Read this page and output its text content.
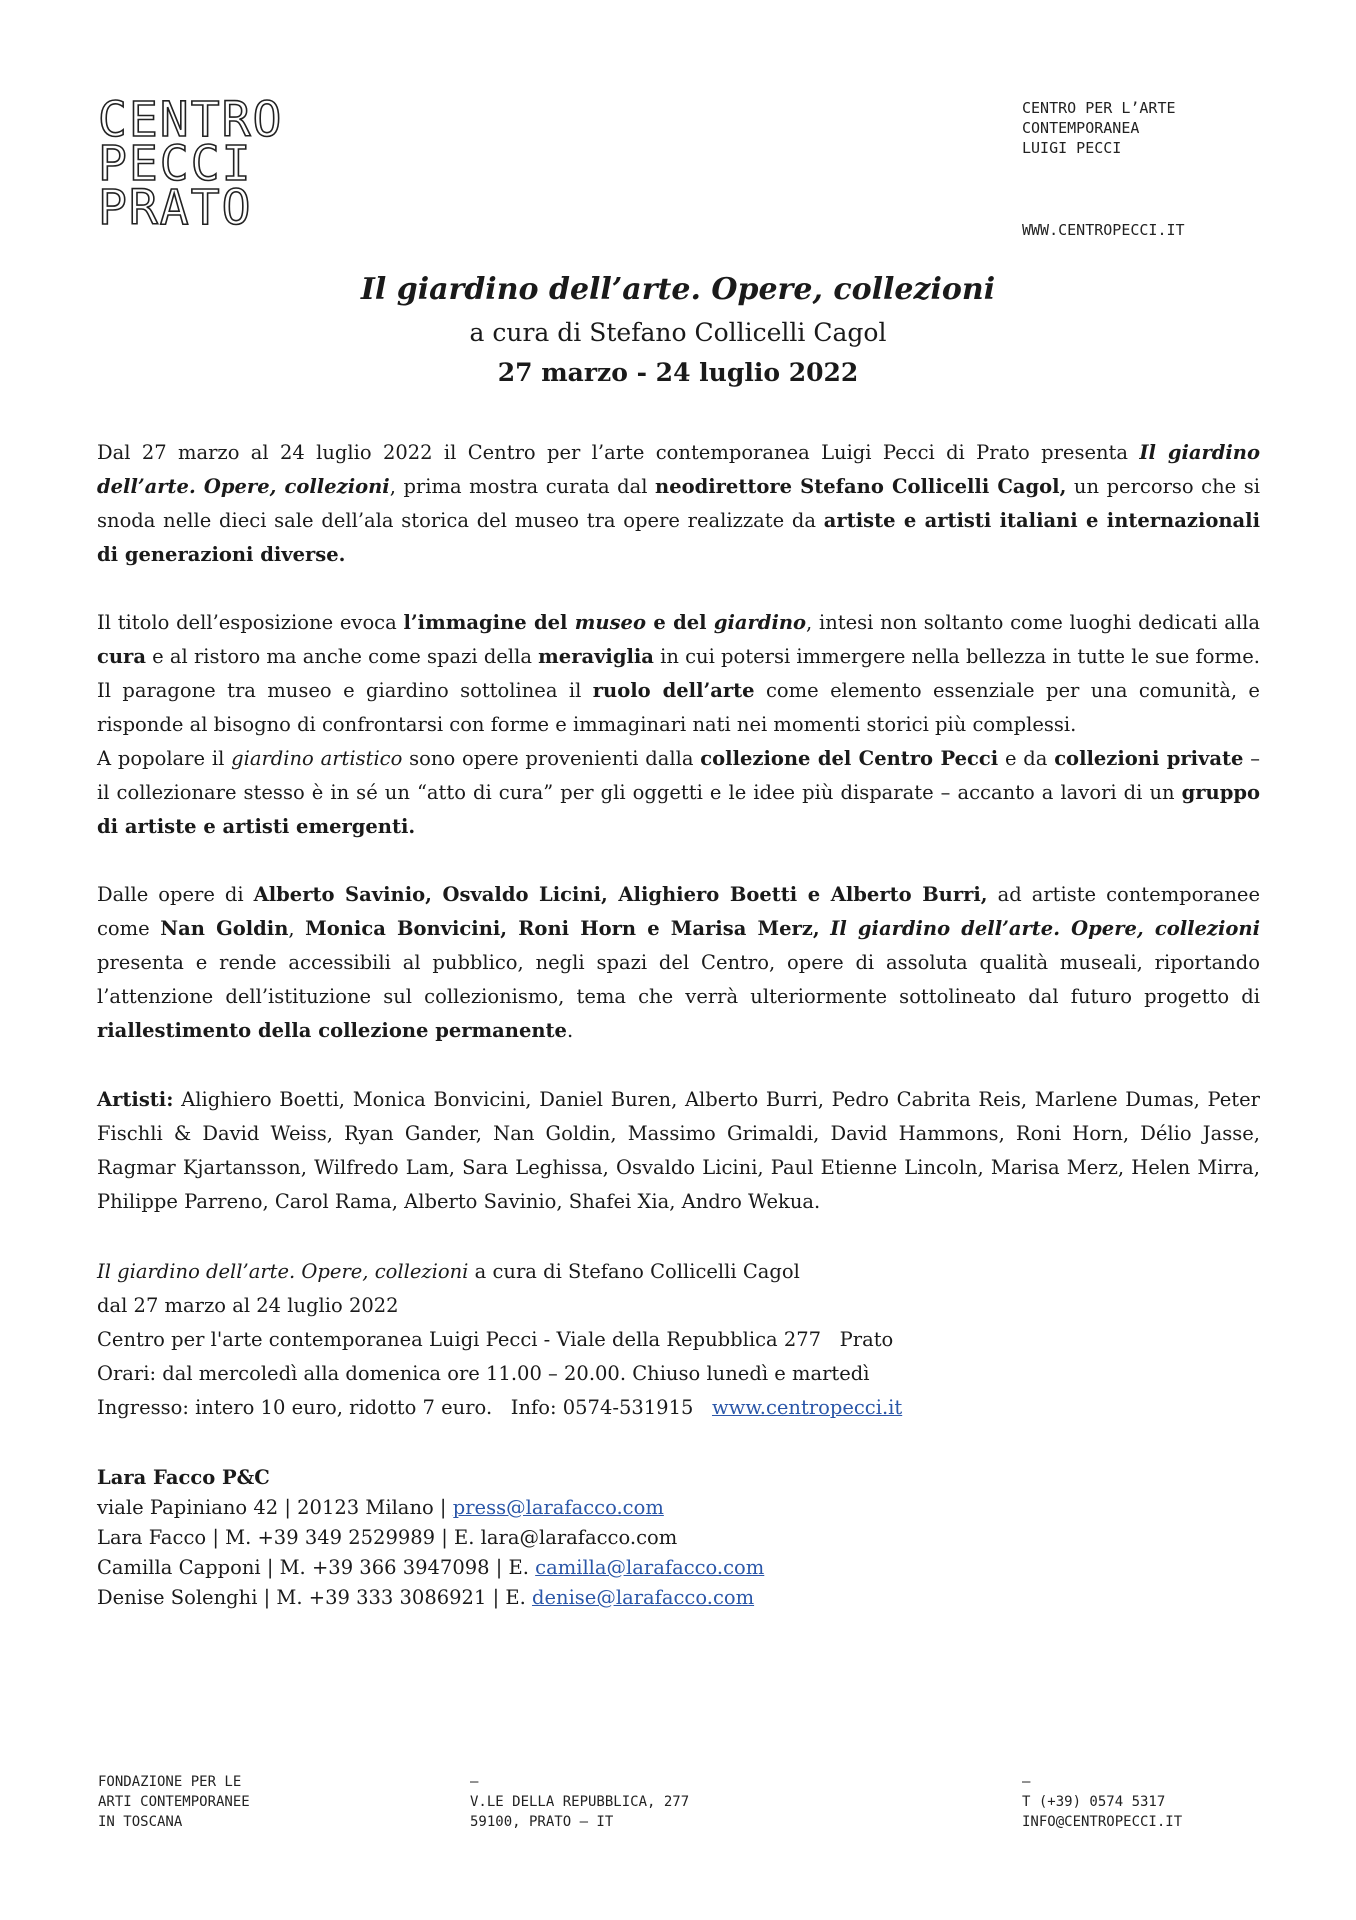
CENTRO
PECCI
PRATO
CENTRO PER L’ARTE
CONTEMPORANEA
LUIGI PECCI
WWW.CENTROPECCI.IT
Il giardino dell’arte. Opere, collezioni
a cura di Stefano Collicelli Cagol
27 marzo - 24 luglio 2022

Dal 27 marzo al 24 luglio 2022 il Centro per l’arte contemporanea Luigi Pecci di Prato presenta Il giardino dell’arte. Opere, collezioni, prima mostra curata dal neodirettore Stefano Collicelli Cagol, un percorso che si snoda nelle dieci sale dell’ala storica del museo tra opere realizzate da artiste e artisti italiani e internazionali di generazioni diverse.

Il titolo dell’esposizione evoca l’immagine del museo e del giardino, intesi non soltanto come luoghi dedicati alla cura e al ristoro ma anche come spazi della meraviglia in cui potersi immergere nella bellezza in tutte le sue forme. Il paragone tra museo e giardino sottolinea il ruolo dell’arte come elemento essenziale per una comunità, e risponde al bisogno di confrontarsi con forme e immaginari nati nei momenti storici più complessi.

A popolare il giardino artistico sono opere provenienti dalla collezione del Centro Pecci e da collezioni private – il collezionare stesso è in sé un “atto di cura” per gli oggetti e le idee più disparate – accanto a lavori di un gruppo di artiste e artisti emergenti.

Dalle opere di Alberto Savinio, Osvaldo Licini, Alighiero Boetti e Alberto Burri, ad artiste contemporanee come Nan Goldin, Monica Bonvicini, Roni Horn e Marisa Merz, Il giardino dell’arte. Opere, collezioni presenta e rende accessibili al pubblico, negli spazi del Centro, opere di assoluta qualità museali, riportando l’attenzione dell’istituzione sul collezionismo, tema che verrà ulteriormente sottolineato dal futuro progetto di riallestimento della collezione permanente.

Artisti: Alighiero Boetti, Monica Bonvicini, Daniel Buren, Alberto Burri, Pedro Cabrita Reis, Marlene Dumas, Peter Fischli & David Weiss, Ryan Gander, Nan Goldin, Massimo Grimaldi, David Hammons, Roni Horn, Délio Jasse, Ragmar Kjartansson, Wilfredo Lam, Sara Leghissa, Osvaldo Licini, Paul Etienne Lincoln, Marisa Merz, Helen Mirra, Philippe Parreno, Carol Rama, Alberto Savinio, Shafei Xia, Andro Wekua.

Il giardino dell’arte. Opere, collezioni a cura di Stefano Collicelli Cagol
dal 27 marzo al 24 luglio 2022
Centro per l'arte contemporanea Luigi Pecci - Viale della Repubblica 277   Prato
Orari: dal mercoledì alla domenica ore 11.00 – 20.00. Chiuso lunedì e martedì
Ingresso: intero 10 euro, ridotto 7 euro.   Info: 0574-531915   www.centropecci.it
Lara Facco P&C
viale Papiniano 42 | 20123 Milano | press@larafacco.com
Lara Facco | M. +39 349 2529989 | E. lara@larafacco.com
Camilla Capponi | M. +39 366 3947098 | E. camilla@larafacco.com
Denise Solenghi | M. +39 333 3086921 | E. denise@larafacco.com
FONDAZIONE PER LE
ARTI CONTEMPORANEE
IN TOSCANA
—
V.LE DELLA REPUBBLICA, 277
59100, PRATO – IT
—
T (+39) 0574 5317
INFO@CENTROPECCI.IT
